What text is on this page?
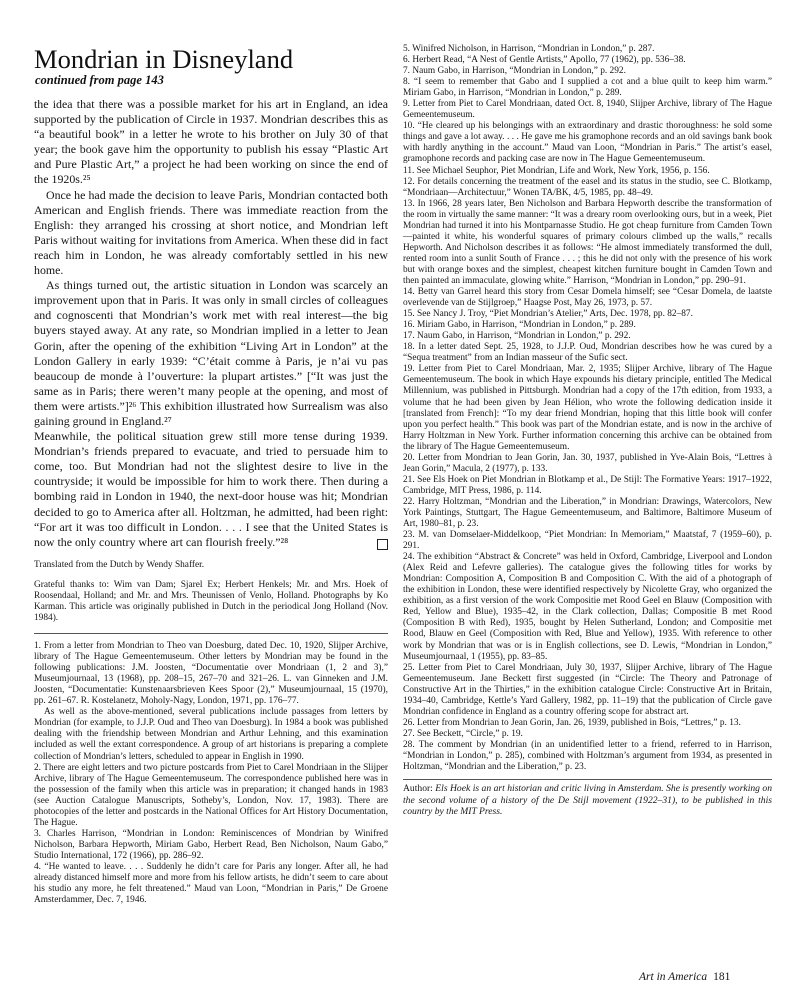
Mondrian in Disneyland
continued from page 143

the idea that there was a possible market for his art in England, an idea supported by the publication of Circle in 1937. Mondrian describes this as “a beautiful book” in a letter he wrote to his brother on July 30 of that year; the book gave him the opportunity to publish his essay “Plastic Art and Pure Plastic Art,” a project he had been working on since the end of the 1920s.²⁵

Once he had made the decision to leave Paris, Mondrian contacted both American and English friends. There was immediate reaction from the English: they arranged his crossing at short notice, and Mondrian left Paris without waiting for invitations from America. When these did in fact reach him in London, he was already comfortably settled in his new home.

As things turned out, the artistic situation in London was scarcely an improvement upon that in Paris. It was only in small circles of colleagues and cognoscenti that Mondrian’s work met with real interest—the big buyers stayed away. At any rate, so Mondrian implied in a letter to Jean Gorin, after the opening of the exhibition “Living Art in London” at the London Gallery in early 1939: “C’était comme à Paris, je n’ai vu pas beaucoup de monde à l’ouverture: la plupart artistes.” [“It was just the same as in Paris; there weren’t many people at the opening, and most of them were artists.”]²⁶ This exhibition illustrated how Surrealism was also gaining ground in England.²⁷

Meanwhile, the political situation grew still more tense during 1939. Mondrian’s friends prepared to evacuate, and tried to persuade him to come, too. But Mondrian had not the slightest desire to live in the countryside; it would be impossible for him to work there. Then during a bombing raid in London in 1940, the next-door house was hit; Mondrian decided to go to America after all. Holtzman, he admitted, had been right: “For art it was too difficult in London. . . . I see that the United States is now the only country where art can flourish freely.”²⁸

Translated from the Dutch by Wendy Shaffer.

Grateful thanks to: Wim van Dam; Sjarel Ex; Herbert Henkels; Mr. and Mrs. Hoek of Roosendaal, Holland; and Mr. and Mrs. Theunissen of Venlo, Holland. Photographs by Ko Karman. This article was originally published in Dutch in the periodical Jong Holland (Nov. 1984).

1. From a letter from Mondrian to Theo van Doesburg, dated Dec. 10, 1920, Slijper Archive, library of The Hague Gemeentemuseum. Other letters by Mondrian may be found in the following publications: J.M. Joosten, “Documentatie over Mondriaan (1, 2 and 3),” Museumjournaal, 13 (1968), pp. 208–15, 267–70 and 321–26. L. van Ginneken and J.M. Joosten, “Documentatie: Kunstenaarsbrieven Kees Spoor (2),” Museumjournaal, 15 (1970), pp. 261–67. R. Kostelanetz, Moholy-Nagy, London, 1971, pp. 176–77.

As well as the above-mentioned, several publications include passages from letters by Mondrian (for example, to J.J.P. Oud and Theo van Doesburg). In 1984 a book was published dealing with the friendship between Mondrian and Arthur Lehning, and this examination included as well the extant correspondence. A group of art historians is preparing a complete collection of Mondrian’s letters, scheduled to appear in English in 1990.

2. There are eight letters and two picture postcards from Piet to Carel Mondriaan in the Slijper Archive, library of The Hague Gemeentemuseum. The correspondence published here was in the possession of the family when this article was in preparation; it changed hands in 1983 (see Auction Catalogue Manuscripts, Sotheby’s, London, Nov. 17, 1983). There are photocopies of the letter and postcards in the National Offices for Art History Documentation, The Hague.

3. Charles Harrison, “Mondrian in London: Reminiscences of Mondrian by Winifred Nicholson, Barbara Hepworth, Miriam Gabo, Herbert Read, Ben Nicholson, Naum Gabo,” Studio International, 172 (1966), pp. 286–92.

4. “He wanted to leave. . . . Suddenly he didn’t care for Paris any longer. After all, he had already distanced himself more and more from his fellow artists, he didn’t seem to care about his studio any more, he felt threatened.” Maud van Loon, “Mondrian in Paris,” De Groene Amsterdammer, Dec. 7, 1946.

5. Winifred Nicholson, in Harrison, “Mondrian in London,” p. 287.

6. Herbert Read, “A Nest of Gentle Artists,” Apollo, 77 (1962), pp. 536–38.

7. Naum Gabo, in Harrison, “Mondrian in London,” p. 292.

8. “I seem to remember that Gabo and I supplied a cot and a blue quilt to keep him warm.” Miriam Gabo, in Harrison, “Mondrian in London,” p. 289.

9. Letter from Piet to Carel Mondriaan, dated Oct. 8, 1940, Slijper Archive, library of The Hague Gemeentemuseum.

10. “He cleared up his belongings with an extraordinary and drastic thoroughness: he sold some things and gave a lot away. . . . He gave me his gramophone records and an old savings bank book with hardly anything in the account.” Maud van Loon, “Mondrian in Paris.” The artist’s easel, gramophone records and packing case are now in The Hague Gemeentemuseum.

11. See Michael Seuphor, Piet Mondrian, Life and Work, New York, 1956, p. 156.

12. For details concerning the treatment of the easel and its status in the studio, see C. Blotkamp, “Mondriaan—Architectuur,” Wonen TA/BK, 4/5, 1985, pp. 48–49.

13. In 1966, 28 years later, Ben Nicholson and Barbara Hepworth describe the transformation of the room in virtually the same manner: “It was a dreary room overlooking ours, but in a week, Piet Mondrian had turned it into his Montparnasse Studio. He got cheap furniture from Camden Town—painted it white, his wonderful squares of primary colours climbed up the walls,” recalls Hepworth. And Nicholson describes it as follows: “He almost immediately transformed the dull, rented room into a sunlit South of France . . . ; this he did not only with the presence of his work but with orange boxes and the simplest, cheapest kitchen furniture bought in Camden Town and then painted an immaculate, glowing white.” Harrison, “Mondrian in London,” pp. 290–91.

14. Betty van Garrel heard this story from Cesar Domela himself; see “Cesar Domela, de laatste overlevende van de Stijlgroep,” Haagse Post, May 26, 1973, p. 57.

15. See Nancy J. Troy, “Piet Mondrian’s Atelier,” Arts, Dec. 1978, pp. 82–87.

16. Miriam Gabo, in Harrison, “Mondrian in London,” p. 289.

17. Naum Gabo, in Harrison, “Mondrian in London,” p. 292.

18. In a letter dated Sept. 25, 1928, to J.J.P. Oud, Mondrian describes how he was cured by a “Sequa treatment” from an Indian masseur of the Sufic sect.

19. Letter from Piet to Carel Mondriaan, Mar. 2, 1935; Slijper Archive, library of The Hague Gemeentemuseum. The book in which Haye expounds his dietary principle, entitled The Medical Millennium, was published in Pittsburgh. Mondrian had a copy of the 17th edition, from 1933, a volume that he had been given by Jean Hélion, who wrote the following dedication inside it [translated from French]: “To my dear friend Mondrian, hoping that this little book will confer upon you perfect health.” This book was part of the Mondrian estate, and is now in the archive of Harry Holtzman in New York. Further information concerning this archive can be obtained from the library of The Hague Gemeentemuseum.

20. Letter from Mondrian to Jean Gorin, Jan. 30, 1937, published in Yve-Alain Bois, “Lettres à Jean Gorin,” Macula, 2 (1977), p. 133.

21. See Els Hoek on Piet Mondrian in Blotkamp et al., De Stijl: The Formative Years: 1917–1922, Cambridge, MIT Press, 1986, p. 114.

22. Harry Holtzman, “Mondrian and the Liberation,” in Mondrian: Drawings, Watercolors, New York Paintings, Stuttgart, The Hague Gemeentemuseum, and Baltimore, Baltimore Museum of Art, 1980–81, p. 23.

23. M. van Domselaer-Middelkoop, “Piet Mondrian: In Memoriam,” Maatstaf, 7 (1959–60), p. 291.

24. The exhibition “Abstract & Concrete” was held in Oxford, Cambridge, Liverpool and London (Alex Reid and Lefevre galleries). The catalogue gives the following titles for works by Mondrian: Composition A, Composition B and Composition C. With the aid of a photograph of the exhibition in London, these were identified respectively by Nicolette Gray, who organized the exhibition, as a first version of the work Compositie met Rood Geel en Blauw (Composition with Red, Yellow and Blue), 1935–42, in the Clark collection, Dallas; Compositie B met Rood (Composition B with Red), 1935, bought by Helen Sutherland, London; and Compositie met Rood, Blauw en Geel (Composition with Red, Blue and Yellow), 1935. With reference to other work by Mondrian that was or is in English collections, see D. Lewis, “Mondrian in London,” Museumjournaal, 1 (1955), pp. 83–85.

25. Letter from Piet to Carel Mondriaan, July 30, 1937, Slijper Archive, library of The Hague Gemeentemuseum. Jane Beckett first suggested (in “Circle: The Theory and Patronage of Constructive Art in the Thirties,” in the exhibition catalogue Circle: Constructive Art in Britain, 1934–40, Cambridge, Kettle’s Yard Gallery, 1982, pp. 11–19) that the publication of Circle gave Mondrian confidence in England as a country offering scope for abstract art.

26. Letter from Mondrian to Jean Gorin, Jan. 26, 1939, published in Bois, “Lettres,” p. 13.

27. See Beckett, “Circle,” p. 19.

28. The comment by Mondrian (in an unidentified letter to a friend, referred to in Harrison, “Mondrian in London,” p. 285), combined with Holtzman’s argument from 1934, as presented in Holtzman, “Mondrian and the Liberation,” p. 23.

Author: Els Hoek is an art historian and critic living in Amsterdam. She is presently working on the second volume of a history of the De Stijl movement (1922–31), to be published in this country by the MIT Press.

Art in America 181
